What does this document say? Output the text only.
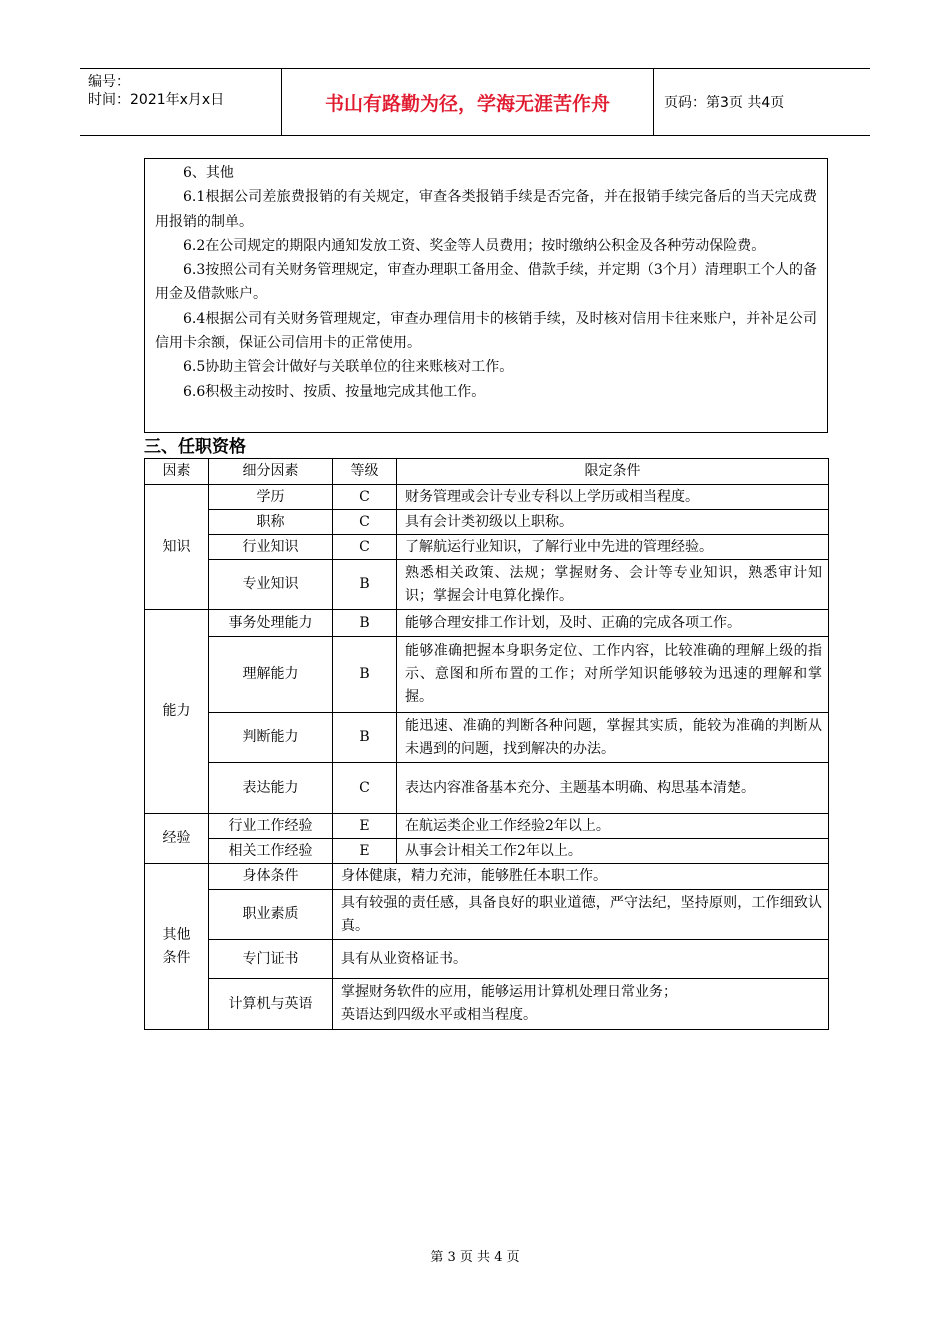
编号：
时间：2021年x月x日	书山有路勤为径，学海无涯苦作舟	页码：第3页 共4页

6、其他

6.1根据公司差旅费报销的有关规定，审查各类报销手续是否完备，并在报销手续完备后的当天完成费用报销的制单。

6.2在公司规定的期限内通知发放工资、奖金等人员费用；按时缴纳公积金及各种劳动保险费。

6.3按照公司有关财务管理规定，审查办理职工备用金、借款手续，并定期（3个月）清理职工个人的备用金及借款账户。

6.4根据公司有关财务管理规定，审查办理信用卡的核销手续，及时核对信用卡往来账户，并补足公司信用卡余额，保证公司信用卡的正常使用。

6.5协助主管会计做好与关联单位的往来账核对工作。

6.6积极主动按时、按质、按量地完成其他工作。

三、任职资格
因素	细分因素	等级	限定条件
知识	学历	C	财务管理或会计专业专科以上学历或相当程度。
	职称	C	具有会计类初级以上职称。
	行业知识	C	了解航运行业知识，了解行业中先进的管理经验。
	专业知识	B	熟悉相关政策、法规；掌握财务、会计等专业知识，熟悉审计知识；掌握会计电算化操作。
能力	事务处理能力	B	能够合理安排工作计划，及时、正确的完成各项工作。
	理解能力	B	能够准确把握本身职务定位、工作内容，比较准确的理解上级的指示、意图和所布置的工作；对所学知识能够较为迅速的理解和掌握。
	判断能力	B	能迅速、准确的判断各种问题，掌握其实质，能较为准确的判断从未遇到的问题，找到解决的办法。
	表达能力	C	表达内容准备基本充分、主题基本明确、构思基本清楚。
经验	行业工作经验	E	在航运类企业工作经验2年以上。
	相关工作经验	E	从事会计相关工作2年以上。

其他
条件	身体条件	身体健康，精力充沛，能够胜任本职工作。	
	职业素质	具有较强的责任感，具备良好的职业道德，严守法纪，坚持原则，工作细致认真。	
	专门证书	具有从业资格证书。	
	计算机与英语	掌握财务软件的应用，能够运用计算机处理日常业务；
英语达到四级水平或相当程度。	
第 3 页 共 4 页
